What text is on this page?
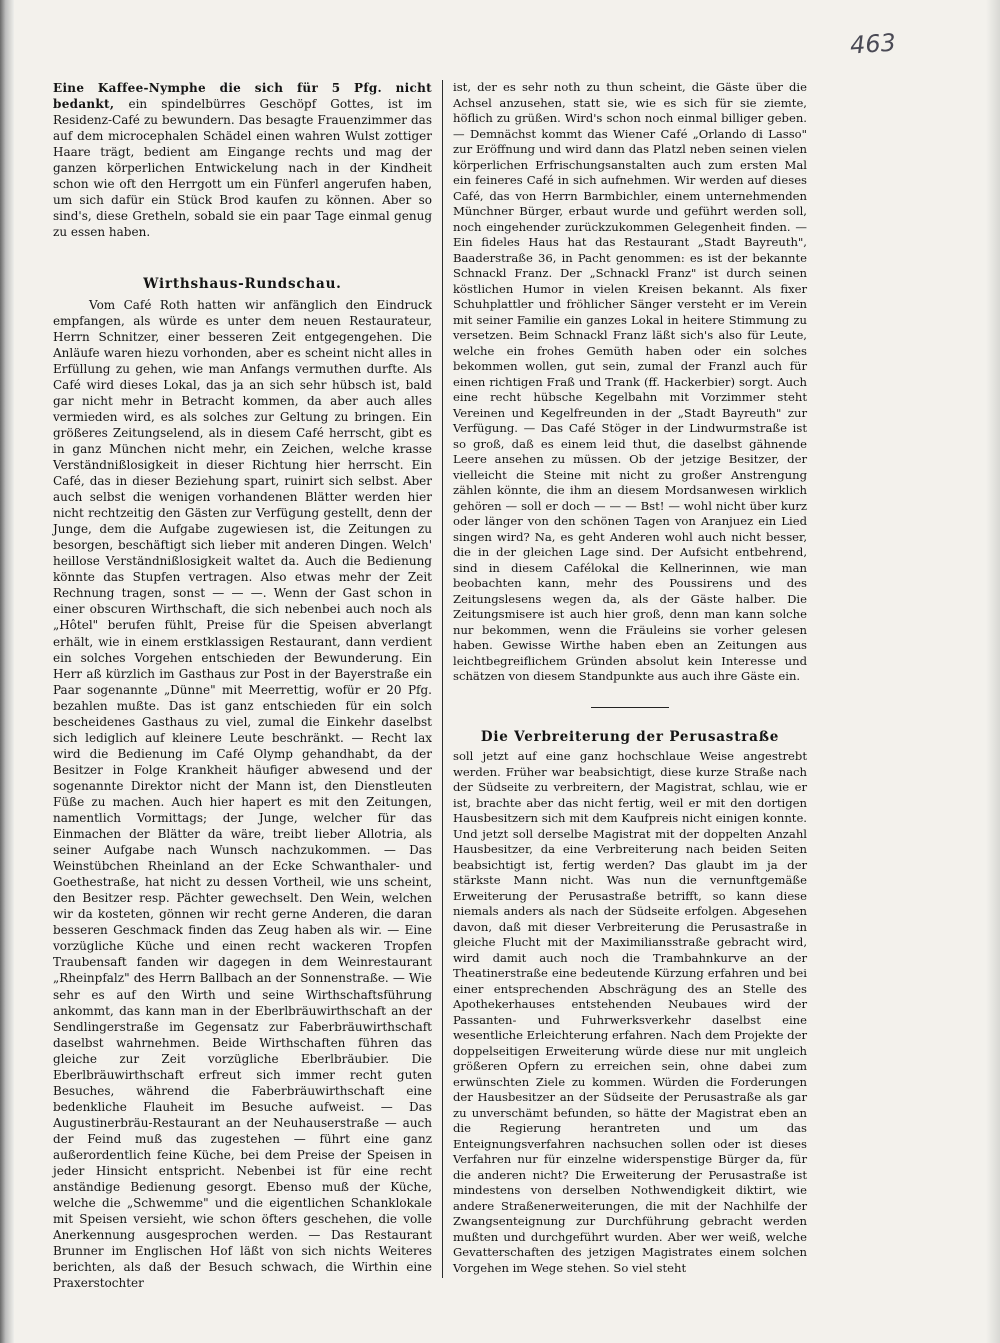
463

Eine Kaffee-Nymphe die sich für 5 Pfg. nicht bedankt, ein spindelbürres Geschöpf Gottes, ist im Residenz-Café zu bewundern. Das besagte Frauenzimmer das auf dem microcephalen Schädel einen wahren Wulst zottiger Haare trägt, bedient am Eingange rechts und mag der ganzen körperlichen Entwickelung nach in der Kindheit schon wie oft den Herrgott um ein Fünferl angerufen haben, um sich dafür ein Stück Brod kaufen zu können. Aber so sind's, diese Gretheln, sobald sie ein paar Tage einmal genug zu essen haben.

Wirthshaus-Rundschau.

Vom Café Roth hatten wir anfänglich den Eindruck empfangen, als würde es unter dem neuen Restaurateur, Herrn Schnitzer, einer besseren Zeit entgegengehen. Die Anläufe waren hiezu vorhonden, aber es scheint nicht alles in Erfüllung zu gehen, wie man Anfangs vermuthen durfte. Als Café wird dieses Lokal, das ja an sich sehr hübsch ist, bald gar nicht mehr in Betracht kommen, da aber auch alles vermieden wird, es als solches zur Geltung zu bringen. Ein größeres Zeitungselend, als in diesem Café herrscht, gibt es in ganz München nicht mehr, ein Zeichen, welche krasse Verständnißlosigkeit in dieser Richtung hier herrscht. Ein Café, das in dieser Beziehung spart, ruinirt sich selbst. Aber auch selbst die wenigen vorhandenen Blätter werden hier nicht rechtzeitig den Gästen zur Verfügung gestellt, denn der Junge, dem die Aufgabe zugewiesen ist, die Zeitungen zu besorgen, beschäftigt sich lieber mit anderen Dingen. Welch' heillose Verständnißlosigkeit waltet da. Auch die Bedienung könnte das Stupfen vertragen. Also etwas mehr der Zeit Rechnung tragen, sonst — — —. Wenn der Gast schon in einer obscuren Wirthschaft, die sich nebenbei auch noch als „Hôtel" berufen fühlt, Preise für die Speisen abverlangt erhält, wie in einem erstklassigen Restaurant, dann verdient ein solches Vorgehen entschieden der Bewunderung. Ein Herr aß kürzlich im Gasthaus zur Post in der Bayerstraße ein Paar sogenannte „Dünne" mit Meerrettig, wofür er 20 Pfg. bezahlen mußte. Das ist ganz entschieden für ein solch bescheidenes Gasthaus zu viel, zumal die Einkehr daselbst sich lediglich auf kleinere Leute beschränkt. — Recht lax wird die Bedienung im Café Olymp gehandhabt, da der Besitzer in Folge Krankheit häufiger abwesend und der sogenannte Direktor nicht der Mann ist, den Dienstleuten Füße zu machen. Auch hier hapert es mit den Zeitungen, namentlich Vormittags; der Junge, welcher für das Einmachen der Blätter da wäre, treibt lieber Allotria, als seiner Aufgabe nach Wunsch nachzukommen. — Das Weinstübchen Rheinland an der Ecke Schwanthaler- und Goethestraße, hat nicht zu dessen Vortheil, wie uns scheint, den Besitzer resp. Pächter gewechselt. Den Wein, welchen wir da kosteten, gönnen wir recht gerne Anderen, die daran besseren Geschmack finden das Zeug haben als wir. — Eine vorzügliche Küche und einen recht wackeren Tropfen Traubensaft fanden wir dagegen in dem Weinrestaurant „Rheinpfalz" des Herrn Ballbach an der Sonnenstraße. — Wie sehr es auf den Wirth und seine Wirthschaftsführung ankommt, das kann man in der Eberlbräuwirthschaft an der Sendlingerstraße im Gegensatz zur Faberbräuwirthschaft daselbst wahrnehmen. Beide Wirthschaften führen das gleiche zur Zeit vorzügliche Eberlbräubier. Die Eberlbräuwirthschaft erfreut sich immer recht guten Besuches, während die Faberbräuwirthschaft eine bedenkliche Flauheit im Besuche aufweist. — Das Augustinerbräu-Restaurant an der Neuhauserstraße — auch der Feind muß das zugestehen — führt eine ganz außerordentlich feine Küche, bei dem Preise der Speisen in jeder Hinsicht entspricht. Nebenbei ist für eine recht anständige Bedienung gesorgt. Ebenso muß der Küche, welche die „Schwemme" und die eigentlichen Schanklokale mit Speisen versieht, wie schon öfters geschehen, die volle Anerkennung ausgesprochen werden. — Das Restaurant Brunner im Englischen Hof läßt von sich nichts Weiteres berichten, als daß der Besuch schwach, die Wirthin eine Praxerstochter

ist, der es sehr noth zu thun scheint, die Gäste über die Achsel anzusehen, statt sie, wie es sich für sie ziemte, höflich zu grüßen. Wird's schon noch einmal billiger geben. — Demnächst kommt das Wiener Café „Orlando di Lasso" zur Eröffnung und wird dann das Platzl neben seinen vielen körperlichen Erfrischungsanstalten auch zum ersten Mal ein feineres Café in sich aufnehmen. Wir werden auf dieses Café, das von Herrn Barmbichler, einem unternehmenden Münchner Bürger, erbaut wurde und geführt werden soll, noch eingehender zurückzukommen Gelegenheit finden. — Ein fideles Haus hat das Restaurant „Stadt Bayreuth", Baaderstraße 36, in Pacht genommen: es ist der bekannte Schnackl Franz. Der „Schnackl Franz" ist durch seinen köstlichen Humor in vielen Kreisen bekannt. Als fixer Schuhplattler und fröhlicher Sänger versteht er im Verein mit seiner Familie ein ganzes Lokal in heitere Stimmung zu versetzen. Beim Schnackl Franz läßt sich's also für Leute, welche ein frohes Gemüth haben oder ein solches bekommen wollen, gut sein, zumal der Franzl auch für einen richtigen Fraß und Trank (ff. Hackerbier) sorgt. Auch eine recht hübsche Kegelbahn mit Vorzimmer steht Vereinen und Kegelfreunden in der „Stadt Bayreuth" zur Verfügung. — Das Café Stöger in der Lindwurmstraße ist so groß, daß es einem leid thut, die daselbst gähnende Leere ansehen zu müssen. Ob der jetzige Besitzer, der vielleicht die Steine mit nicht zu großer Anstrengung zählen könnte, die ihm an diesem Mordsanwesen wirklich gehören — soll er doch — — — Bst! — wohl nicht über kurz oder länger von den schönen Tagen von Aranjuez ein Lied singen wird? Na, es geht Anderen wohl auch nicht besser, die in der gleichen Lage sind. Der Aufsicht entbehrend, sind in diesem Cafélokal die Kellnerinnen, wie man beobachten kann, mehr des Poussirens und des Zeitungslesens wegen da, als der Gäste halber. Die Zeitungsmisere ist auch hier groß, denn man kann solche nur bekommen, wenn die Fräuleins sie vorher gelesen haben. Gewisse Wirthe haben eben an Zeitungen aus leichtbegreiflichem Gründen absolut kein Interesse und schätzen von diesem Standpunkte aus auch ihre Gäste ein.

Die Verbreiterung der Perusastraße

soll jetzt auf eine ganz hochschlaue Weise angestrebt werden. Früher war beabsichtigt, diese kurze Straße nach der Südseite zu verbreitern, der Magistrat, schlau, wie er ist, brachte aber das nicht fertig, weil er mit den dortigen Hausbesitzern sich mit dem Kaufpreis nicht einigen konnte. Und jetzt soll derselbe Magistrat mit der doppelten Anzahl Hausbesitzer, da eine Verbreiterung nach beiden Seiten beabsichtigt ist, fertig werden? Das glaubt im ja der stärkste Mann nicht. Was nun die vernunftgemäße Erweiterung der Perusastraße betrifft, so kann diese niemals anders als nach der Südseite erfolgen. Abgesehen davon, daß mit dieser Verbreiterung die Perusastraße in gleiche Flucht mit der Maximiliansstraße gebracht wird, wird damit auch noch die Trambahnkurve an der Theatinerstraße eine bedeutende Kürzung erfahren und bei einer entsprechenden Abschrägung des an Stelle des Apothekerhauses entstehenden Neubaues wird der Passanten- und Fuhrwerksverkehr daselbst eine wesentliche Erleichterung erfahren. Nach dem Projekte der doppelseitigen Erweiterung würde diese nur mit ungleich größeren Opfern zu erreichen sein, ohne dabei zum erwünschten Ziele zu kommen. Würden die Forderungen der Hausbesitzer an der Südseite der Perusastraße als gar zu unverschämt befunden, so hätte der Magistrat eben an die Regierung herantreten und um das Enteignungsverfahren nachsuchen sollen oder ist dieses Verfahren nur für einzelne widerspenstige Bürger da, für die anderen nicht? Die Erweiterung der Perusastraße ist mindestens von derselben Nothwendigkeit diktirt, wie andere Straßenerweiterungen, die mit der Nachhilfe der Zwangsenteignung zur Durchführung gebracht werden mußten und durchgeführt wurden. Aber wer weiß, welche Gevatterschaften des jetzigen Magistrates einem solchen Vorgehen im Wege stehen. So viel steht
